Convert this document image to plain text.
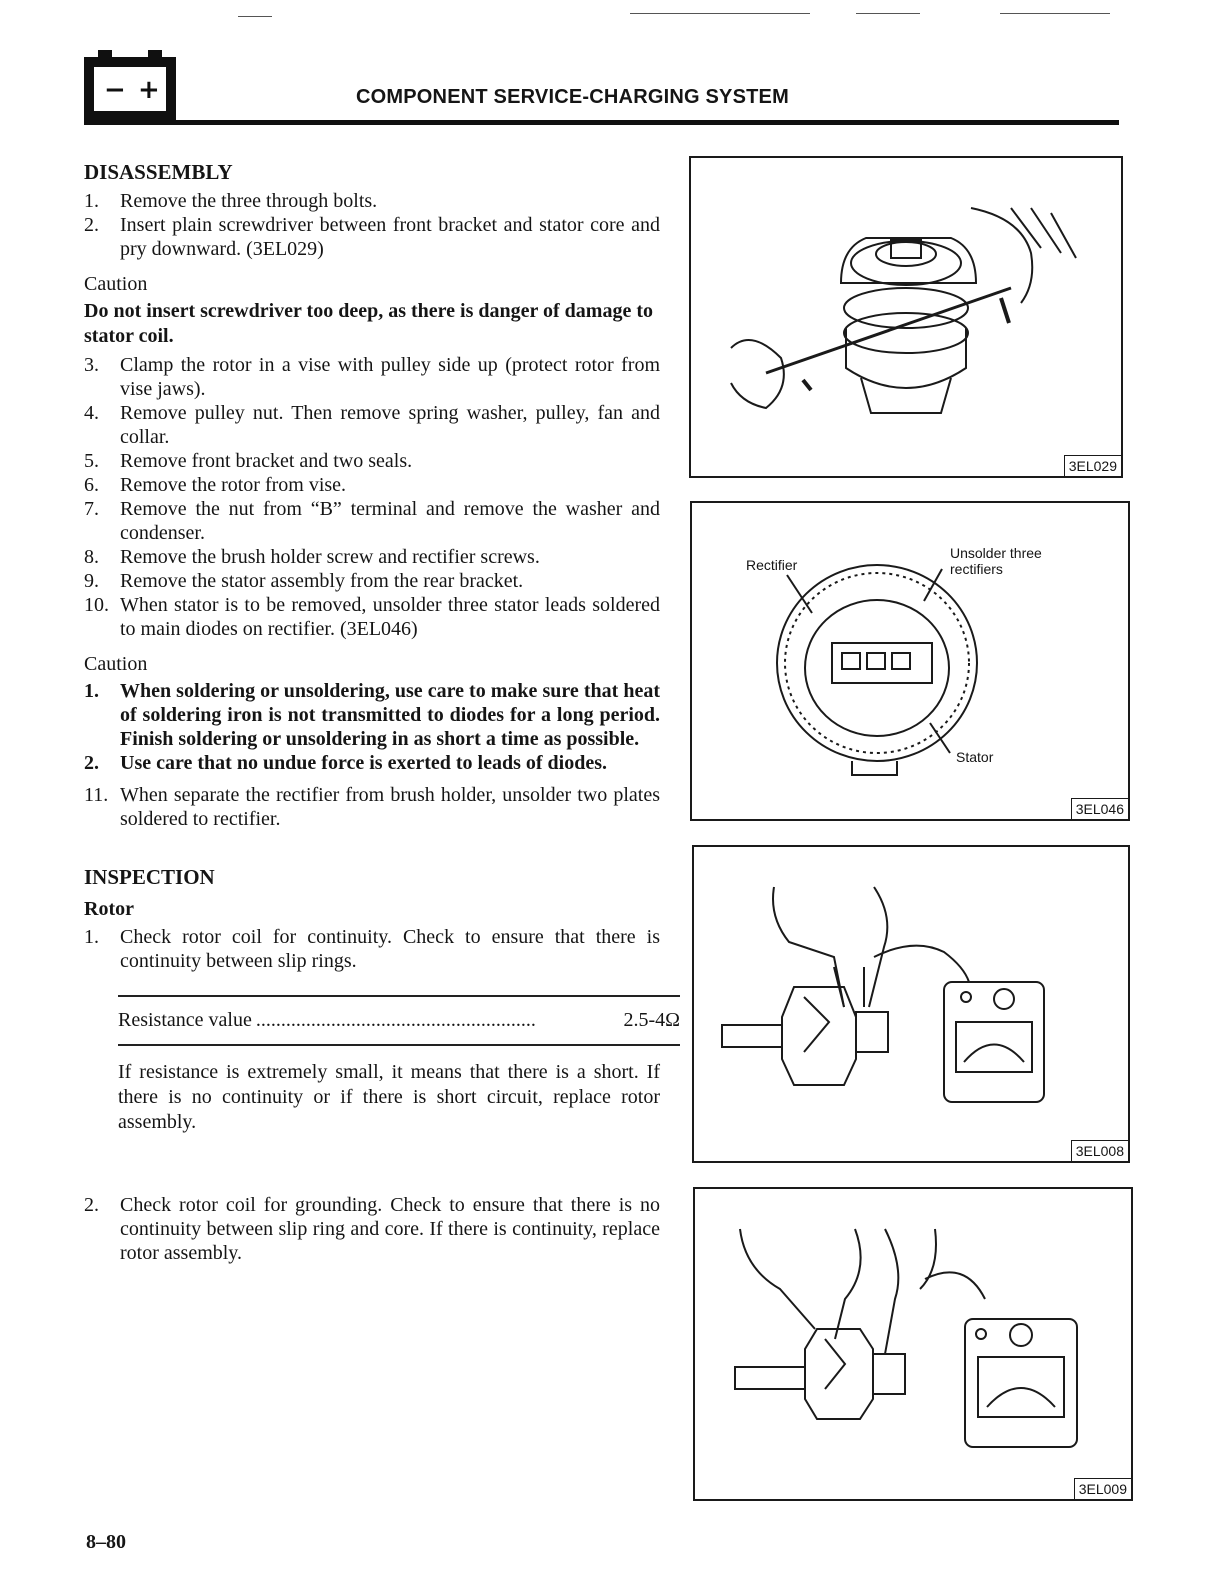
− +	COMPONENT SERVICE-CHARGING SYSTEM
DISASSEMBLY
1. Remove the three through bolts.
2. Insert plain screwdriver between front bracket and stator core and pry downward. (3EL029)
Caution

Do not insert screwdriver too deep, as there is danger of damage to stator coil.

3. Clamp the rotor in a vise with pulley side up (protect rotor from vise jaws).
4. Remove pulley nut. Then remove spring washer, pulley, fan and collar.
5. Remove front bracket and two seals.
6. Remove the rotor from vise.
7. Remove the nut from “B” terminal and remove the washer and condenser.
8. Remove the brush holder screw and rectifier screws.
9. Remove the stator assembly from the rear bracket.
10. When stator is to be removed, unsolder three stator leads soldered to main diodes on rectifier. (3EL046)
Caution
1. When soldering or unsoldering, use care to make sure that heat of soldering iron is not transmitted to diodes for a long period. Finish soldering or unsoldering in as short a time as possible.
2. Use care that no undue force is exerted to leads of diodes.
11. When separate the rectifier from brush holder, unsolder two plates soldered to rectifier.
INSPECTION
Rotor
1. Check rotor coil for continuity. Check to ensure that there is continuity between slip rings.
Resistance value ........................................................	2.5-4Ω

If resistance is extremely small, it means that there is a short. If there is no continuity or if there is short circuit, replace rotor assembly.

2. Check rotor coil for grounding. Check to ensure that there is no continuity between slip ring and core. If there is continuity, replace rotor assembly.
3EL029
Rectifier
Unsolder three rectifiers
Stator
3EL046
3EL008
3EL009
8–80
